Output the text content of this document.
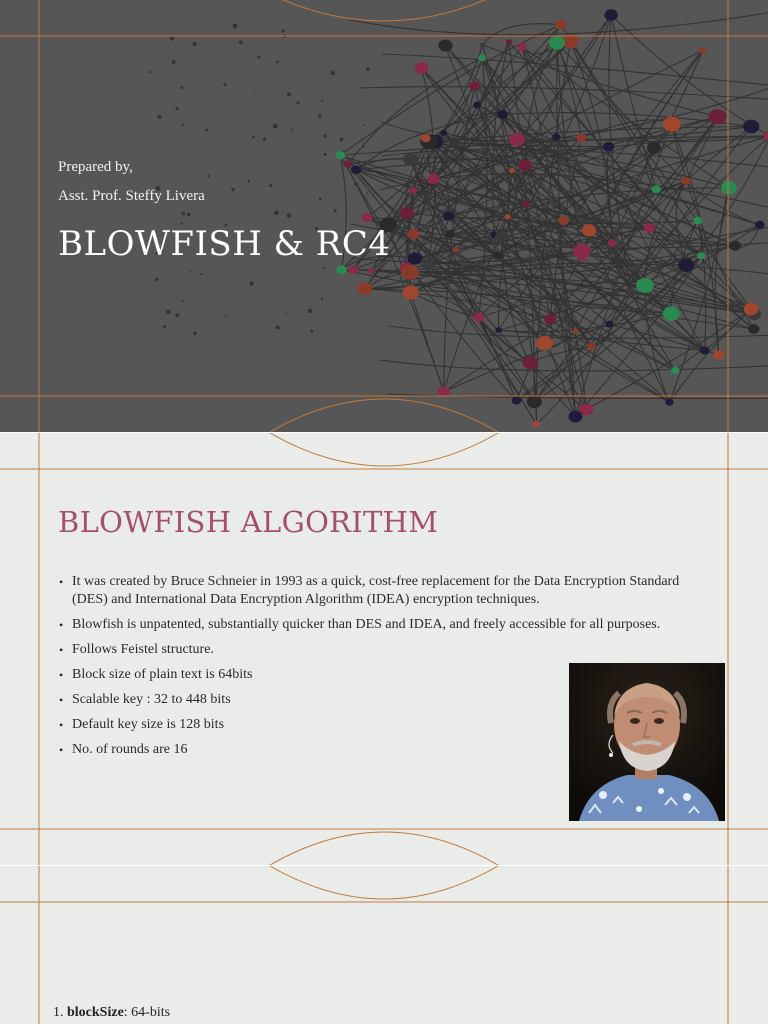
Prepared by,
Asst. Prof. Steffy Livera
BLOWFISH & RC4
BLOWFISH ALGORITHM
• It was created by Bruce Schneier in 1993 as a quick, cost-free replacement for the Data Encryption Standard (DES) and International Data Encryption Algorithm (IDEA) encryption techniques.
• Blowfish is unpatented, substantially quicker than DES and IDEA, and freely accessible for all purposes.
• Follows Feistel structure.
• Block size of plain text is 64bits
• Scalable key : 32 to 448 bits
• Default key size is 128 bits
• No. of rounds are 16

1. blockSize: 64-bits
